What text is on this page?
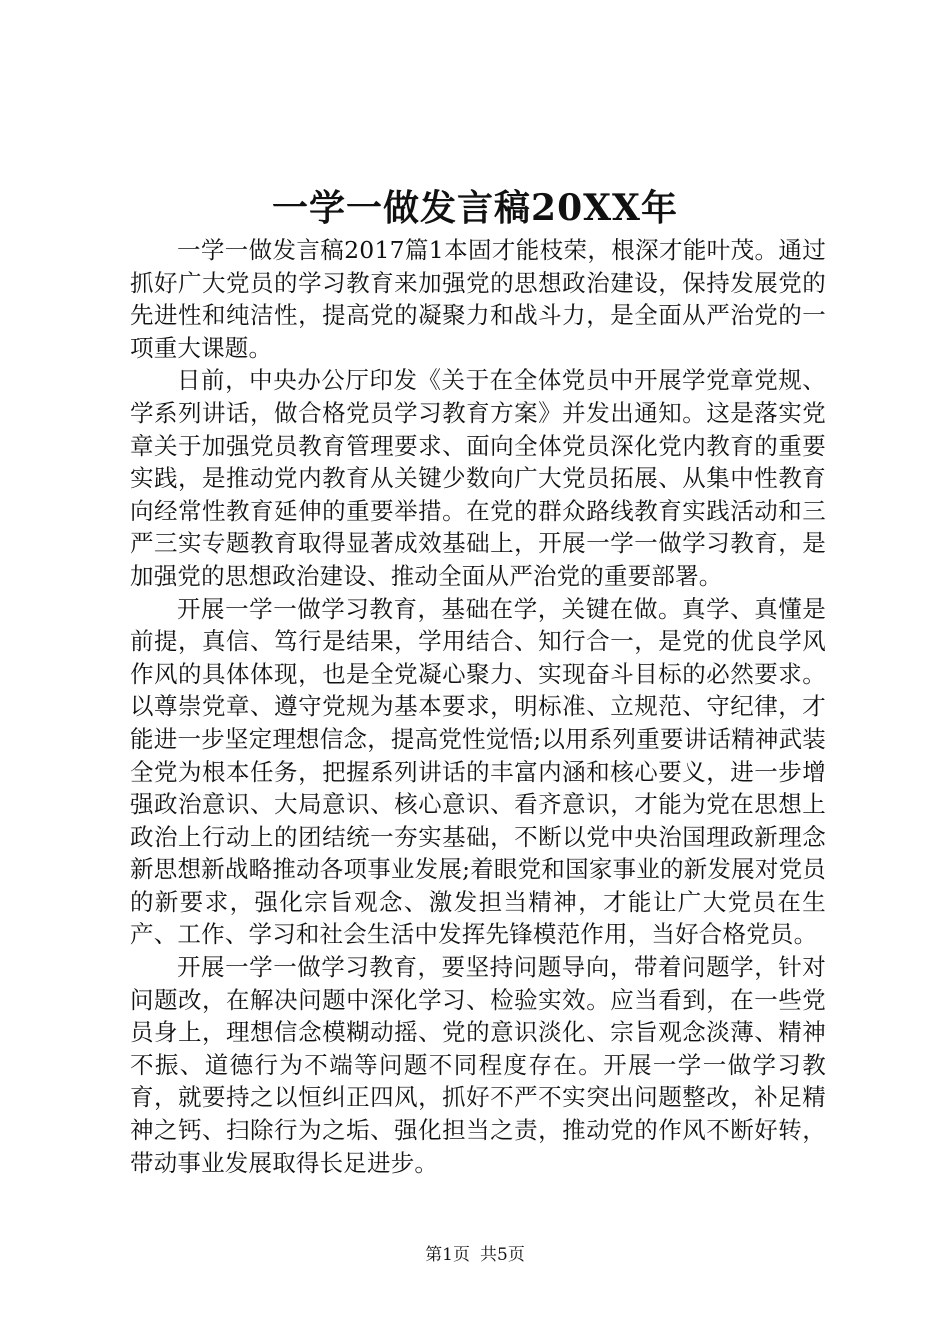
一学一做发言稿20XX年

一学一做发言稿2017篇1本固才能枝荣，根深才能叶茂。通过抓好广大党员的学习教育来加强党的思想政治建设，保持发展党的先进性和纯洁性，提高党的凝聚力和战斗力，是全面从严治党的一项重大课题。

日前，中央办公厅印发《关于在全体党员中开展学党章党规、学系列讲话，做合格党员学习教育方案》并发出通知。这是落实党章关于加强党员教育管理要求、面向全体党员深化党内教育的重要实践，是推动党内教育从关键少数向广大党员拓展、从集中性教育向经常性教育延伸的重要举措。在党的群众路线教育实践活动和三严三实专题教育取得显著成效基础上，开展一学一做学习教育，是加强党的思想政治建设、推动全面从严治党的重要部署。

开展一学一做学习教育，基础在学，关键在做。真学、真懂是前提，真信、笃行是结果，学用结合、知行合一，是党的优良学风作风的具体体现，也是全党凝心聚力、实现奋斗目标的必然要求。以尊崇党章、遵守党规为基本要求，明标准、立规范、守纪律，才能进一步坚定理想信念，提高党性觉悟;以用系列重要讲话精神武装全党为根本任务，把握系列讲话的丰富内涵和核心要义，进一步增强政治意识、大局意识、核心意识、看齐意识，才能为党在思想上政治上行动上的团结统一夯实基础，不断以党中央治国理政新理念新思想新战略推动各项事业发展;着眼党和国家事业的新发展对党员的新要求，强化宗旨观念、激发担当精神，才能让广大党员在生产、工作、学习和社会生活中发挥先锋模范作用，当好合格党员。

开展一学一做学习教育，要坚持问题导向，带着问题学，针对问题改，在解决问题中深化学习、检验实效。应当看到，在一些党员身上，理想信念模糊动摇、党的意识淡化、宗旨观念淡薄、精神不振、道德行为不端等问题不同程度存在。开展一学一做学习教育，就要持之以恒纠正四风，抓好不严不实突出问题整改，补足精神之钙、扫除行为之垢、强化担当之责，推动党的作风不断好转，带动事业发展取得长足进步。

第1页 共5页
